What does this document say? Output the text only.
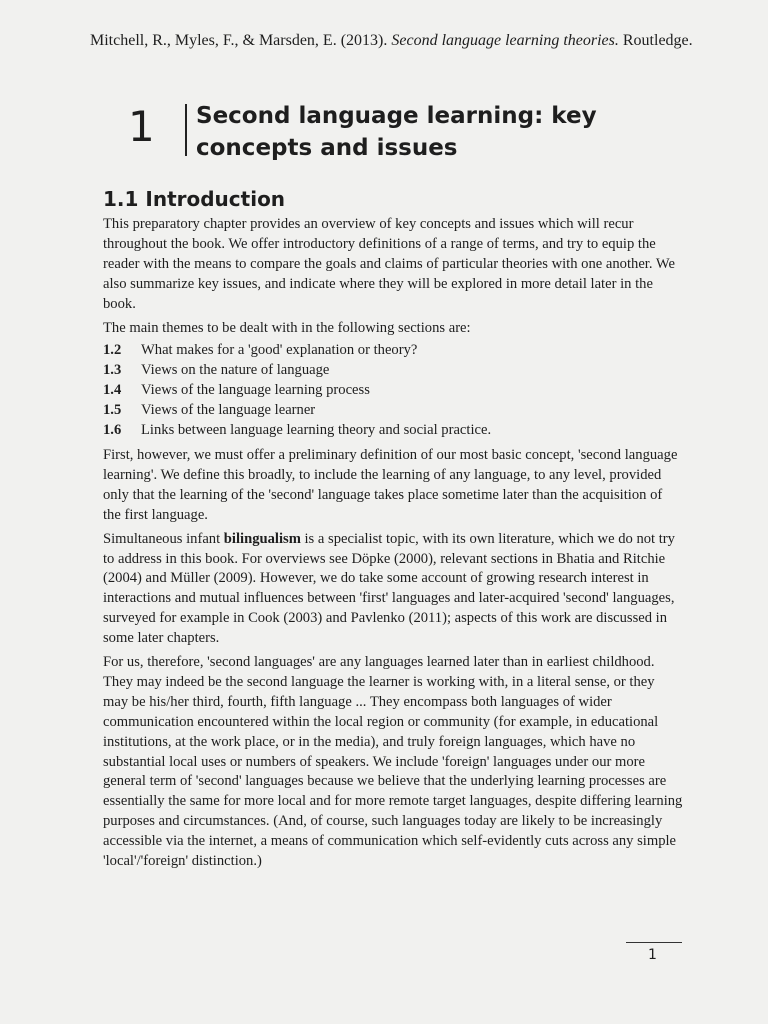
Mitchell, R., Myles, F., & Marsden, E. (2013). Second language learning theories. Routledge.
1 Second language learning: key concepts and issues
1.1 Introduction

This preparatory chapter provides an overview of key concepts and issues which will recur throughout the book. We offer introductory definitions of a range of terms, and try to equip the reader with the means to compare the goals and claims of particular theories with one another. We also summarize key issues, and indicate where they will be explored in more detail later in the book.

The main themes to be dealt with in the following sections are:

1.2	What makes for a 'good' explanation or theory?
1.3	Views on the nature of language
1.4	Views of the language learning process
1.5	Views of the language learner
1.6	Links between language learning theory and social practice.

First, however, we must offer a preliminary definition of our most basic concept, 'second language learning'. We define this broadly, to include the learning of any language, to any level, provided only that the learning of the 'second' language takes place sometime later than the acquisition of the first language.

Simultaneous infant bilingualism is a specialist topic, with its own literature, which we do not try to address in this book. For overviews see Döpke (2000), relevant sections in Bhatia and Ritchie (2004) and Müller (2009). However, we do take some account of growing research interest in interactions and mutual influences between 'first' languages and later-acquired 'second' languages, surveyed for example in Cook (2003) and Pavlenko (2011); aspects of this work are discussed in some later chapters.

For us, therefore, 'second languages' are any languages learned later than in earliest childhood. They may indeed be the second language the learner is working with, in a literal sense, or they may be his/her third, fourth, fifth language ... They encompass both languages of wider communication encountered within the local region or community (for example, in educational institutions, at the work place, or in the media), and truly foreign languages, which have no substantial local uses or numbers of speakers. We include 'foreign' languages under our more general term of 'second' languages because we believe that the underlying learning processes are essentially the same for more local and for more remote target languages, despite differing learning purposes and circumstances. (And, of course, such languages today are likely to be increasingly accessible via the internet, a means of communication which self-evidently cuts across any simple 'local'/'foreign' distinction.)

1
